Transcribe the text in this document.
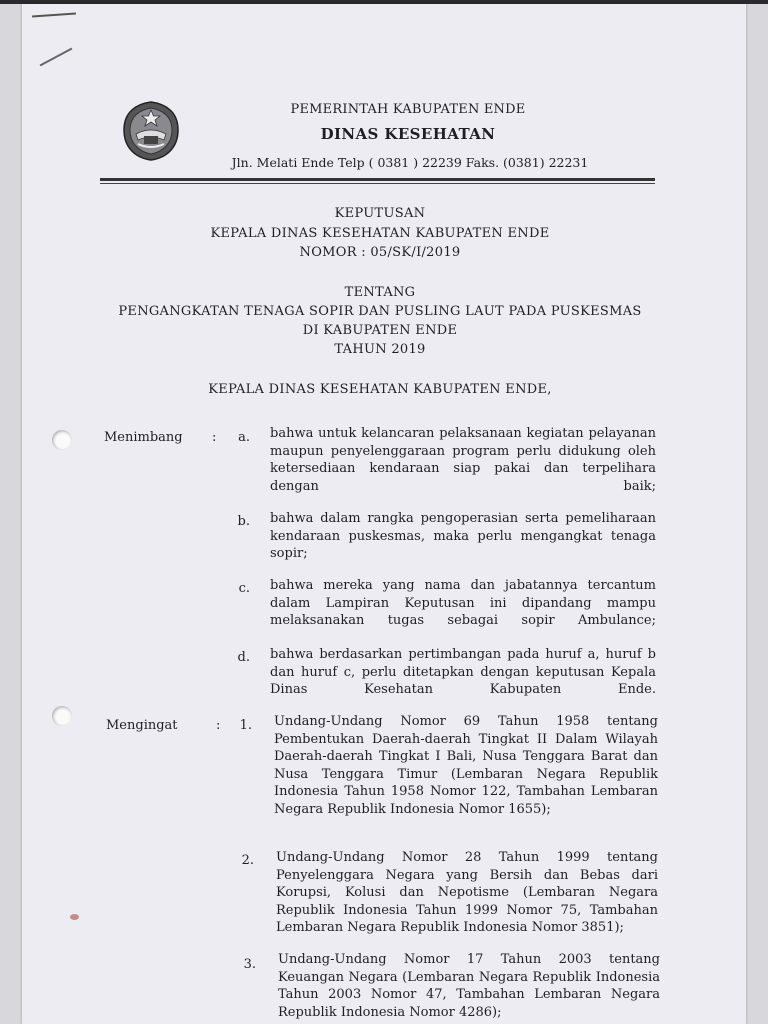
PEMERINTAH KABUPATEN ENDE
DINAS KESEHATAN
Jln. Melati Ende Telp ( 0381 ) 22239 Faks. (0381) 22231
KEPUTUSAN
KEPALA DINAS KESEHATAN KABUPATEN ENDE
NOMOR : 05/SK/I/2019
TENTANG
PENGANGKATAN TENAGA SOPIR DAN PUSLING LAUT PADA PUSKESMAS
DI KABUPATEN ENDE
TAHUN 2019
KEPALA DINAS KESEHATAN KABUPATEN ENDE,
Menimbang :	a. bahwa untuk kelancaran pelaksanaan kegiatan pelayanan maupun penyelenggaraan program perlu didukung oleh ketersediaan kendaraan siap pakai dan terpelihara dengan baik;
b. bahwa dalam rangka pengoperasian serta pemeliharaan kendaraan puskesmas, maka perlu mengangkat tenaga sopir;
c. bahwa mereka yang nama dan jabatannya tercantum dalam Lampiran Keputusan ini dipandang mampu melaksanakan tugas sebagai sopir Ambulance;
d. bahwa berdasarkan pertimbangan pada huruf a, huruf b dan huruf c, perlu ditetapkan dengan keputusan Kepala Dinas Kesehatan Kabupaten Ende.
Mengingat	:	1. Undang-Undang Nomor 69 Tahun 1958 tentang Pembentukan Daerah-daerah Tingkat II Dalam Wilayah Daerah-daerah Tingkat I Bali, Nusa Tenggara Barat dan Nusa Tenggara Timur (Lembaran Negara Republik Indonesia Tahun 1958 Nomor 122, Tambahan Lembaran Negara Republik Indonesia Nomor 1655);
2. Undang-Undang Nomor 28 Tahun 1999 tentang Penyelenggara Negara yang Bersih dan Bebas dari Korupsi, Kolusi dan Nepotisme (Lembaran Negara Republik Indonesia Tahun 1999 Nomor 75, Tambahan Lembaran Negara Republik Indonesia Nomor 3851);
3. Undang-Undang Nomor 17 Tahun 2003 tentang Keuangan Negara (Lembaran Negara Republik Indonesia Tahun 2003 Nomor 47, Tambahan Lembaran Negara Republik Indonesia Nomor 4286);
